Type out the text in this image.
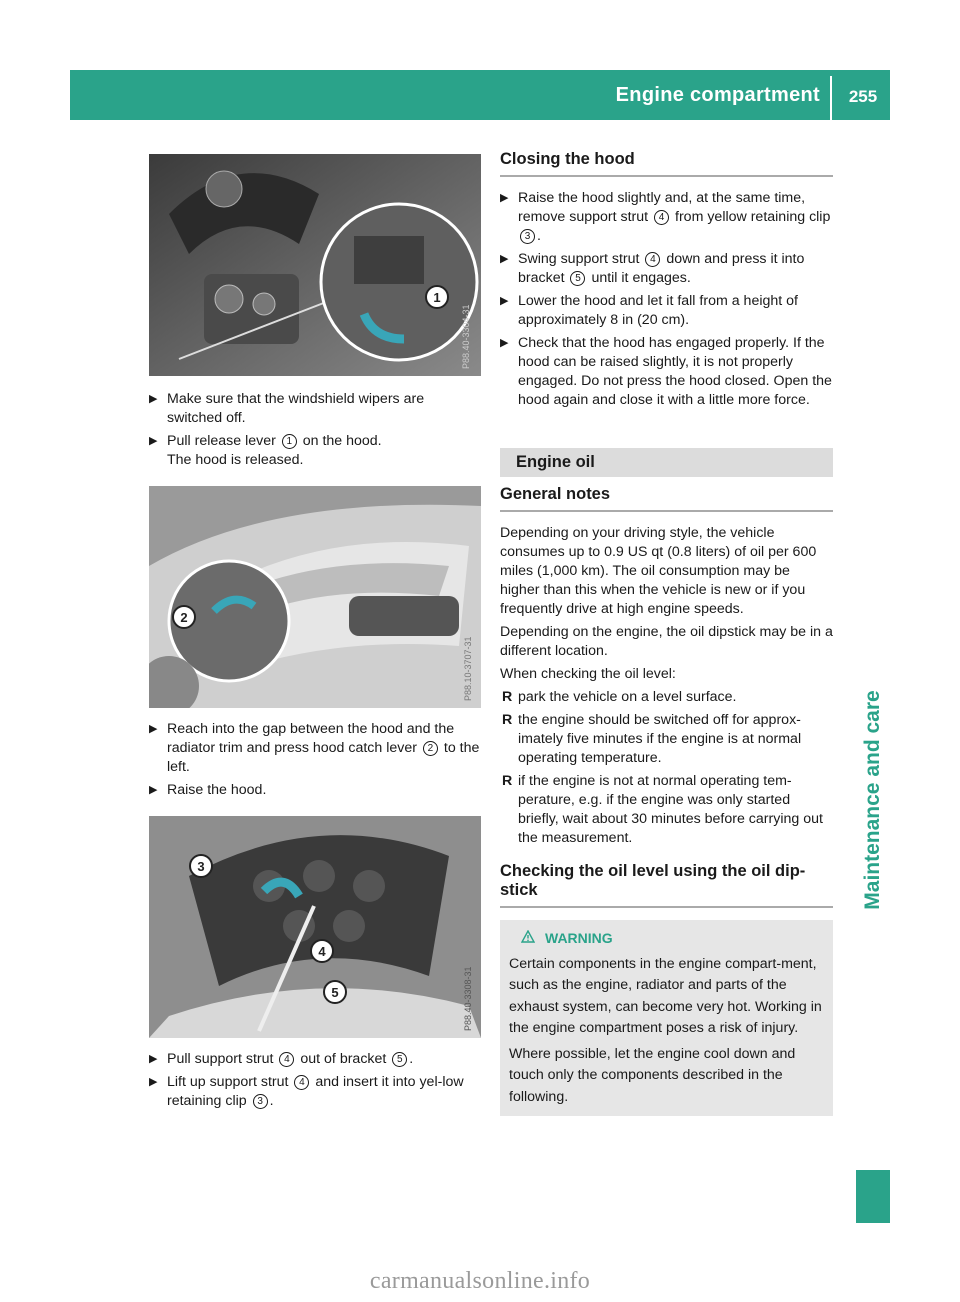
Engine compartment	255
Maintenance and care
1
P88.40-3304-31
▶ Make sure that the windshield wipers are switched off.
▶ Pull release lever 1 on the hood.
The hood is released.
2
P88.10-3707-31
▶ Reach into the gap between the hood and the radiator trim and press hood catch lever 2 to the left.
▶ Raise the hood.
3
4
5	P88.40-3308-31
▶ Pull support strut 4 out of bracket 5 .
▶ Lift up support strut 4 and insert it into yel-low retaining clip 3 .
Closing the hood
▶ Raise the hood slightly and, at the same time, remove support strut 4 from yellow retaining clip 3 .
▶ Swing support strut 4 down and press it into bracket 5 until it engages.
▶ Lower the hood and let it fall from a height of approximately 8 in (20 cm).
▶ Check that the hood has engaged properly. If the hood can be raised slightly, it is not properly engaged. Do not press the hood closed. Open the hood again and close it with a little more force.
Engine oil
General notes

Depending on your driving style, the vehicle consumes up to 0.9 US qt (0.8 liters) of oil per 600 miles (1,000 km). The oil consumption may be higher than this when the vehicle is new or if you frequently drive at high engine speeds.

Depending on the engine, the oil dipstick may be in a different location.

When checking the oil level:

R park the vehicle on a level surface.
R the engine should be switched off for approx-imately five minutes if the engine is at normal operating temperature.
R if the engine is not at normal operating tem-perature, e.g. if the engine was only started briefly, wait about 30 minutes before carrying out the measurement.
Checking the oil level using the oil dip-stick
WARNING

Certain components in the engine compart-ment, such as the engine, radiator and parts of the exhaust system, can become very hot. Working in the engine compartment poses a risk of injury.

Where possible, let the engine cool down and touch only the components described in the following.

carmanualsonline.info
